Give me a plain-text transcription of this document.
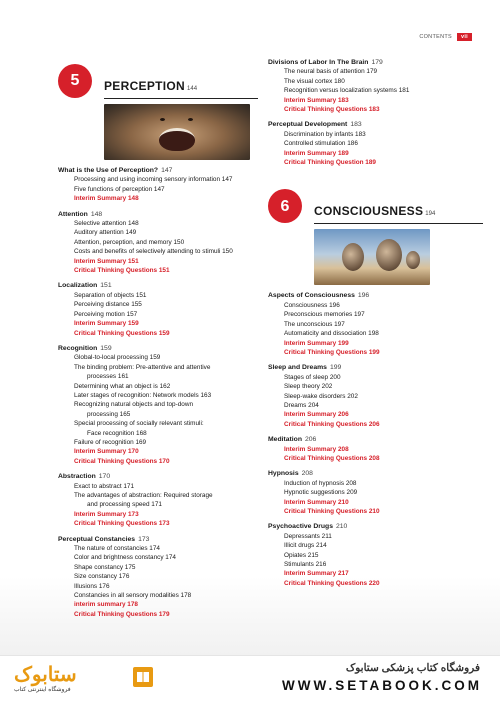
CONTENTS	vii
5	PERCEPTION 144
What is the Use of Perception? 147
Processing and using incoming sensory information 147
Five functions of perception 147
Interim Summary 148
Attention 148
Selective attention 148
Auditory attention 149
Attention, perception, and memory 150
Costs and benefits of selectively attending to stimuli 150
Interim Summary 151
Critical Thinking Questions 151
Localization 151
Separation of objects 151
Perceiving distance 155
Perceiving motion 157
Interim Summary 159
Critical Thinking Questions 159
Recognition 159
Global-to-local processing 159
The binding problem: Pre-attentive and attentive
processes 161
Determining what an object is 162
Later stages of recognition: Network models 163
Recognizing natural objects and top-down
processing 165
Special processing of socially relevant stimuli:
Face recognition 168
Failure of recognition 169
Interim Summary 170
Critical Thinking Questions 170
Abstraction 170
Exact to abstract 171
The advantages of abstraction: Required storage
and processing speed 171
Interim Summary 173
Critical Thinking Questions 173
Perceptual Constancies 173
The nature of constancies 174
Color and brightness constancy 174
Shape constancy 175
Size constancy 176
Illusions 176
Constancies in all sensory modalities 178
interim summary 178
Critical Thinking Questions 179
Divisions of Labor In The Brain 179
The neural basis of attention 179
The visual cortex 180
Recognition versus localization systems 181
Interim Summary 183
Critical Thinking Questions 183
Perceptual Development 183
Discrimination by infants 183
Controlled stimulation 186
Interim Summary 189
Critical Thinking Question 189
6	CONSCIOUSNESS 194
Aspects of Consciousness 196
Consciousness 196
Preconscious memories 197
The unconscious 197
Automaticity and dissociation 198
Interim Summary 199
Critical Thinking Questions 199
Sleep and Dreams 199
Stages of sleep 200
Sleep theory 202
Sleep-wake disorders 202
Dreams 204
Interim Summary 206
Critical Thinking Questions 206
Meditation 206
Interim Summary 208
Critical Thinking Questions 208
Hypnosis 208
Induction of hypnosis 208
Hypnotic suggestions 209
Interim Summary 210
Critical Thinking Questions 210
Psychoactive Drugs 210
Depressants 211
Illicit drugs 214
Opiates 215
Stimulants 216
Interim Summary 217
Critical Thinking Questions 220
ستابوک
فروشگاه اینترنتی کتاب
فروشگاه کتاب پزشکی ستابوک
WWW.SETABOOK.COM
